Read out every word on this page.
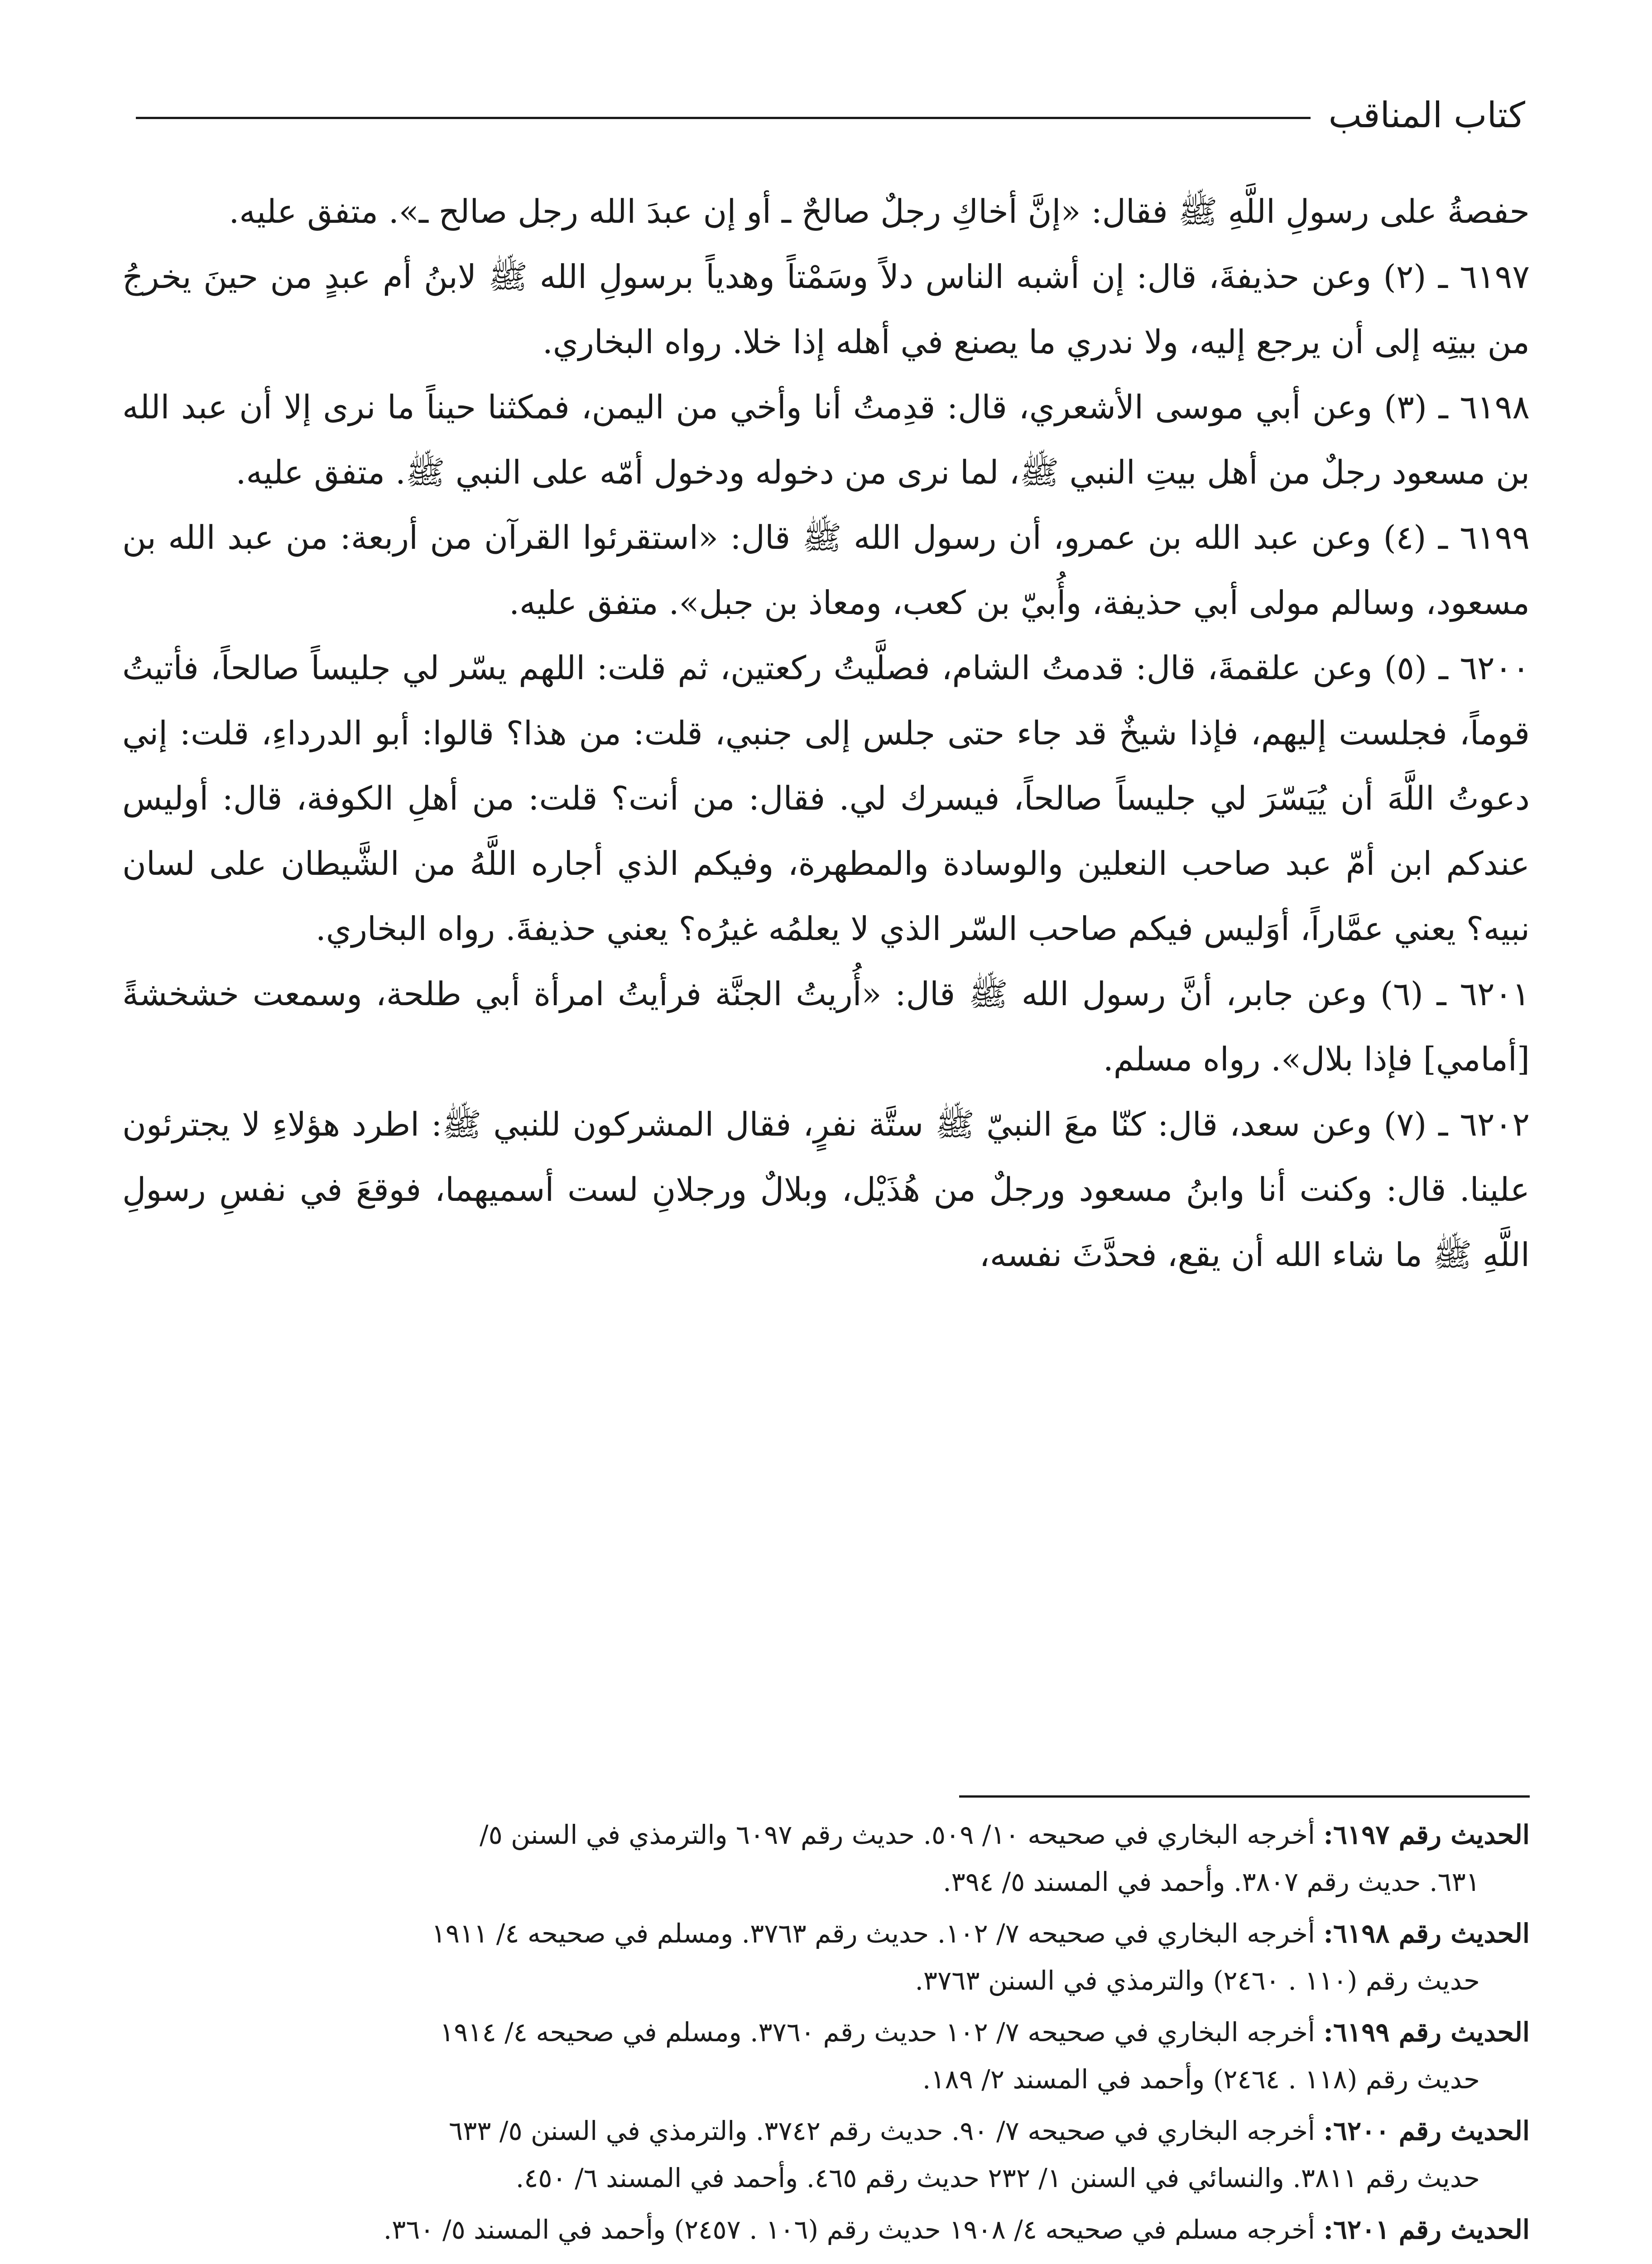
كتاب المناقب

حفصةُ على رسولِ اللَّهِ ﷺ فقال: «إنَّ أخاكِ رجلٌ صالحٌ ـ أو إن عبدَ الله رجل صالح ـ». متفق عليه.

٦١٩٧ ـ (٢) وعن حذيفةَ، قال: إن أشبه الناس دلاً وسَمْتاً وهدياً برسولِ الله ﷺ لابنُ أم عبدٍ من حينَ يخرجُ من بيتِه إلى أن يرجع إليه، ولا ندري ما يصنع في أهله إذا خلا. رواه البخاري.

٦١٩٨ ـ (٣) وعن أبي موسى الأشعري، قال: قدِمتُ أنا وأخي من اليمن، فمكثنا حيناً ما نرى إلا أن عبد الله بن مسعود رجلٌ من أهل بيتِ النبي ﷺ، لما نرى من دخوله ودخول أمّه على النبي ﷺ. متفق عليه.

٦١٩٩ ـ (٤) وعن عبد الله بن عمرو، أن رسول الله ﷺ قال: «استقرئوا القرآن من أربعة: من عبد الله بن مسعود، وسالم مولى أبي حذيفة، وأُبيّ بن كعب، ومعاذ بن جبل». متفق عليه.

٦٢٠٠ ـ (٥) وعن علقمةَ، قال: قدمتُ الشام، فصلَّيتُ ركعتين، ثم قلت: اللهم يسّر لي جليساً صالحاً، فأتيتُ قوماً، فجلست إليهم، فإذا شيخٌ قد جاء حتى جلس إلى جنبي، قلت: من هذا؟ قالوا: أبو الدرداءِ، قلت: إني دعوتُ اللَّهَ أن يُيَسّرَ لي جليساً صالحاً، فيسرك لي. فقال: من أنت؟ قلت: من أهلِ الكوفة، قال: أوليس عندكم ابن أمّ عبد صاحب النعلين والوسادة والمطهرة، وفيكم الذي أجاره اللَّهُ من الشَّيطان على لسان نبيه؟ يعني عمَّاراً، أوَليس فيكم صاحب السّر الذي لا يعلمُه غيرُه؟ يعني حذيفةَ. رواه البخاري.

٦٢٠١ ـ (٦) وعن جابر، أنَّ رسول الله ﷺ قال: «أُريتُ الجنَّة فرأيتُ امرأة أبي طلحة، وسمعت خشخشةً [أمامي] فإذا بلال». رواه مسلم.

٦٢٠٢ ـ (٧) وعن سعد، قال: كنّا معَ النبيّ ﷺ ستَّة نفرٍ، فقال المشركون للنبي ﷺ: اطرد هؤلاءِ لا يجترئون علينا. قال: وكنت أنا وابنُ مسعود ورجلٌ من هُذَيْل، وبلالٌ ورجلانِ لست أسميهما، فوقعَ في نفسِ رسولِ اللَّهِ ﷺ ما شاء الله أن يقع، فحدَّثَ نفسه،

الحديث رقم ٦١٩٧: أخرجه البخاري في صحيحه ١٠/ ٥٠٩. حديث رقم ٦٠٩٧ والترمذي في السنن ٥/
٦٣١. حديث رقم ٣٨٠٧. وأحمد في المسند ٥/ ٣٩٤.

الحديث رقم ٦١٩٨: أخرجه البخاري في صحيحه ٧/ ١٠٢. حديث رقم ٣٧٦٣. ومسلم في صحيحه ٤/ ١٩١١
حديث رقم (١١٠ . ٢٤٦٠) والترمذي في السنن ٣٧٦٣.

الحديث رقم ٦١٩٩: أخرجه البخاري في صحيحه ٧/ ١٠٢ حديث رقم ٣٧٦٠. ومسلم في صحيحه ٤/ ١٩١٤
حديث رقم (١١٨ . ٢٤٦٤) وأحمد في المسند ٢/ ١٨٩.

الحديث رقم ٦٢٠٠: أخرجه البخاري في صحيحه ٧/ ٩٠. حديث رقم ٣٧٤٢. والترمذي في السنن ٥/ ٦٣٣
حديث رقم ٣٨١١. والنسائي في السنن ١/ ٢٣٢ حديث رقم ٤٦٥. وأحمد في المسند ٦/ ٤٥٠.

الحديث رقم ٦٢٠١: أخرجه مسلم في صحيحه ٤/ ١٩٠٨ حديث رقم (١٠٦ . ٢٤٥٧) وأحمد في المسند ٥/ ٣٦٠.
